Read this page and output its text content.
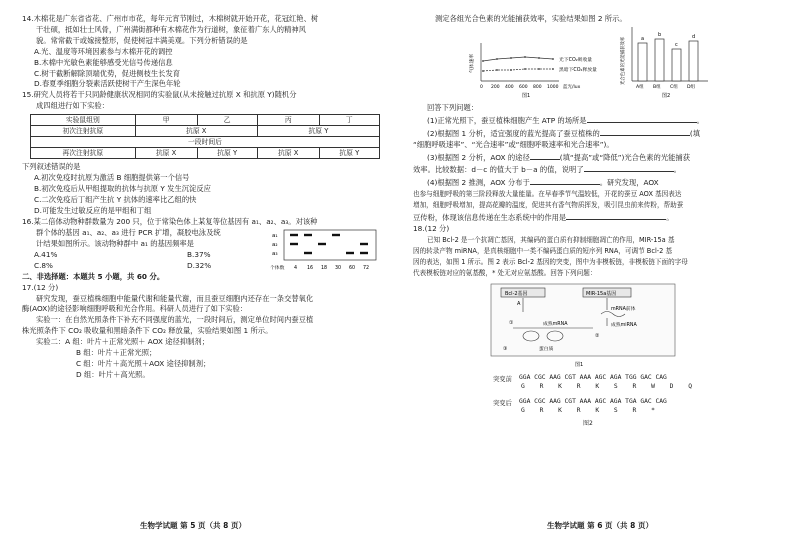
14.木棉花是广东省省花、广州市市花，每年元宵节刚过，木棉树就开始开花，花冠红艳、树

干壮硕，抵如壮士风骨，广州满街都种有木棉花作为行道树，象征着广东人的精神风

貌。常常截干或嫁接整形，促使树冠丰满美观。下列分析错误的是

A.光、温度等环境因素参与木棉开花的调控

B.木棉中光敏色素能够感受光信号传递信息

C.树干截断解除顶端优势，促进侧枝生长发育

D.春夏季细胞分裂素活跃使树干产生深色年轮

15.研究人员将若干只同龄健康状况相同的实验鼠(从未接触过抗原 X 和抗原 Y)随机分

成四组进行如下实验：

实验鼠组别	甲	乙	丙	丁
初次注射抗原	抗原 X		抗原 Y	
一段时间后				
再次注射抗原	抗原 X	抗原 Y	抗原 X	抗原 Y

下列叙述错误的是

A.初次免疫时抗原为激活 B 细胞提供第一个信号

B.初次免疫后从甲组提取的抗体与抗原 Y 发生沉淀反应

C.二次免疫后丁组产生抗 Y 抗体的速率比乙组的快

D.可能发生过敏反应的是甲组和丁组

16.某二倍体动物种群数量为 200 只，位于常染色体上某复等位基因有 a₁、a₂、a₃。对该种

群个体的基因 a₁、a₂、a₃ 进行 PCR 扩增，凝胶电泳及统

计结果如图所示。该动物种群中 a₁ 的基因频率是

A.41%	B.37%

a₁
a₂
a₃
个体数 4 16 18 30 60 72

C.8%	D.32%

二、非选择题：本题共 5 小题，共 60 分。

17.(12 分)

研究发现，蚕豆植株细胞中能量代谢和能量代谢，而且蚕豆细胞内还存在一条交替氧化

酶(AOX)的途径影响细胞呼吸和光合作用。科研人员进行了如下实验：

实验一：在自然光照条件下补充不同强度的蓝光，一段时间后，测定单位时间内蚕豆植

株光照条件下 CO₂ 吸收量和黑暗条件下 CO₂ 释放量，实验结果如图 1 所示。

实验二：A 组：叶片＋正常光照＋ AOX 途径抑制剂；

B 组：叶片＋正常光照；

C 组：叶片＋高光照＋AOX 途径抑制剂；

D 组：叶片＋高光照。

生物学试题 第 5 页（共 8 页）

测定各组光合色素的光能捕获效率，实验结果如图 2 所示。

气体速率	光下CO₂吸收量
黑暗下CO₂释放量
0 200 400 600 800 1000 蓝光/lux
图1
光合色素的光能捕获效率	a
b
c
d
A组 B组 C组 D组
图2

回答下列问题：

(1)正常光照下，蚕豆植株细胞产生 ATP 的场所是	。

(2)根据图 1 分析，适宜强度的蓝光提高了蚕豆植株的	(填

“细胞呼吸速率”、“光合速率”或“细胞呼吸速率和光合速率”)。

(3)根据图 2 分析，AOX 的途径	(填“提高”或“降低”)光合色素的光能捕获

效率。比较数据：d－c 的值大于 b－a 的值，说明了	。

(4)根据图 2 推测，AOX 分布于	。研究发现，AOX

也参与细胞呼吸的第三阶段释放大量能量。在早春季节气温较低，开花的蚕豆 AOX 基因表达

增加，细胞呼吸增加，提高花瓣的温度，促进其有香气物质挥发，吸引昆虫前来传粉，帮助蚕

豆传粉，体现该信息传递在生态系统中的作用是	。

18.(12 分)

已知 Bcl-2 是一个抗凋亡基因，其编码的蛋白质有抑制细胞凋亡的作用，MIR-15a 基

因的转录产物 miRNA，是真核细胞中一类不编码蛋白质的短序列 RNA，可调节 Bcl-2 基

因的表达，如图 1 所示。图 2 表示 Bcl-2 基因的突变，图中为非模板链，非模板链下面的字母

代表模板链对应的氨基酸，* 处无对应氨基酸。回答下列问题：

Bcl-2基因	MIR-15a基因
A
mRNA前体
成熟miRNA
①	成熟mRNA
②
③	蛋白质
图1
突变前 GGA CGC AAG CGT AAA AGC AGA TGG GAC CAG
G R K R K S R W D Q
突变后 GGA CGC AAG CGT AAA AGC AGA TGA GAC CAG
G R K R K S R *
图2
生物学试题 第 6 页（共 8 页）
